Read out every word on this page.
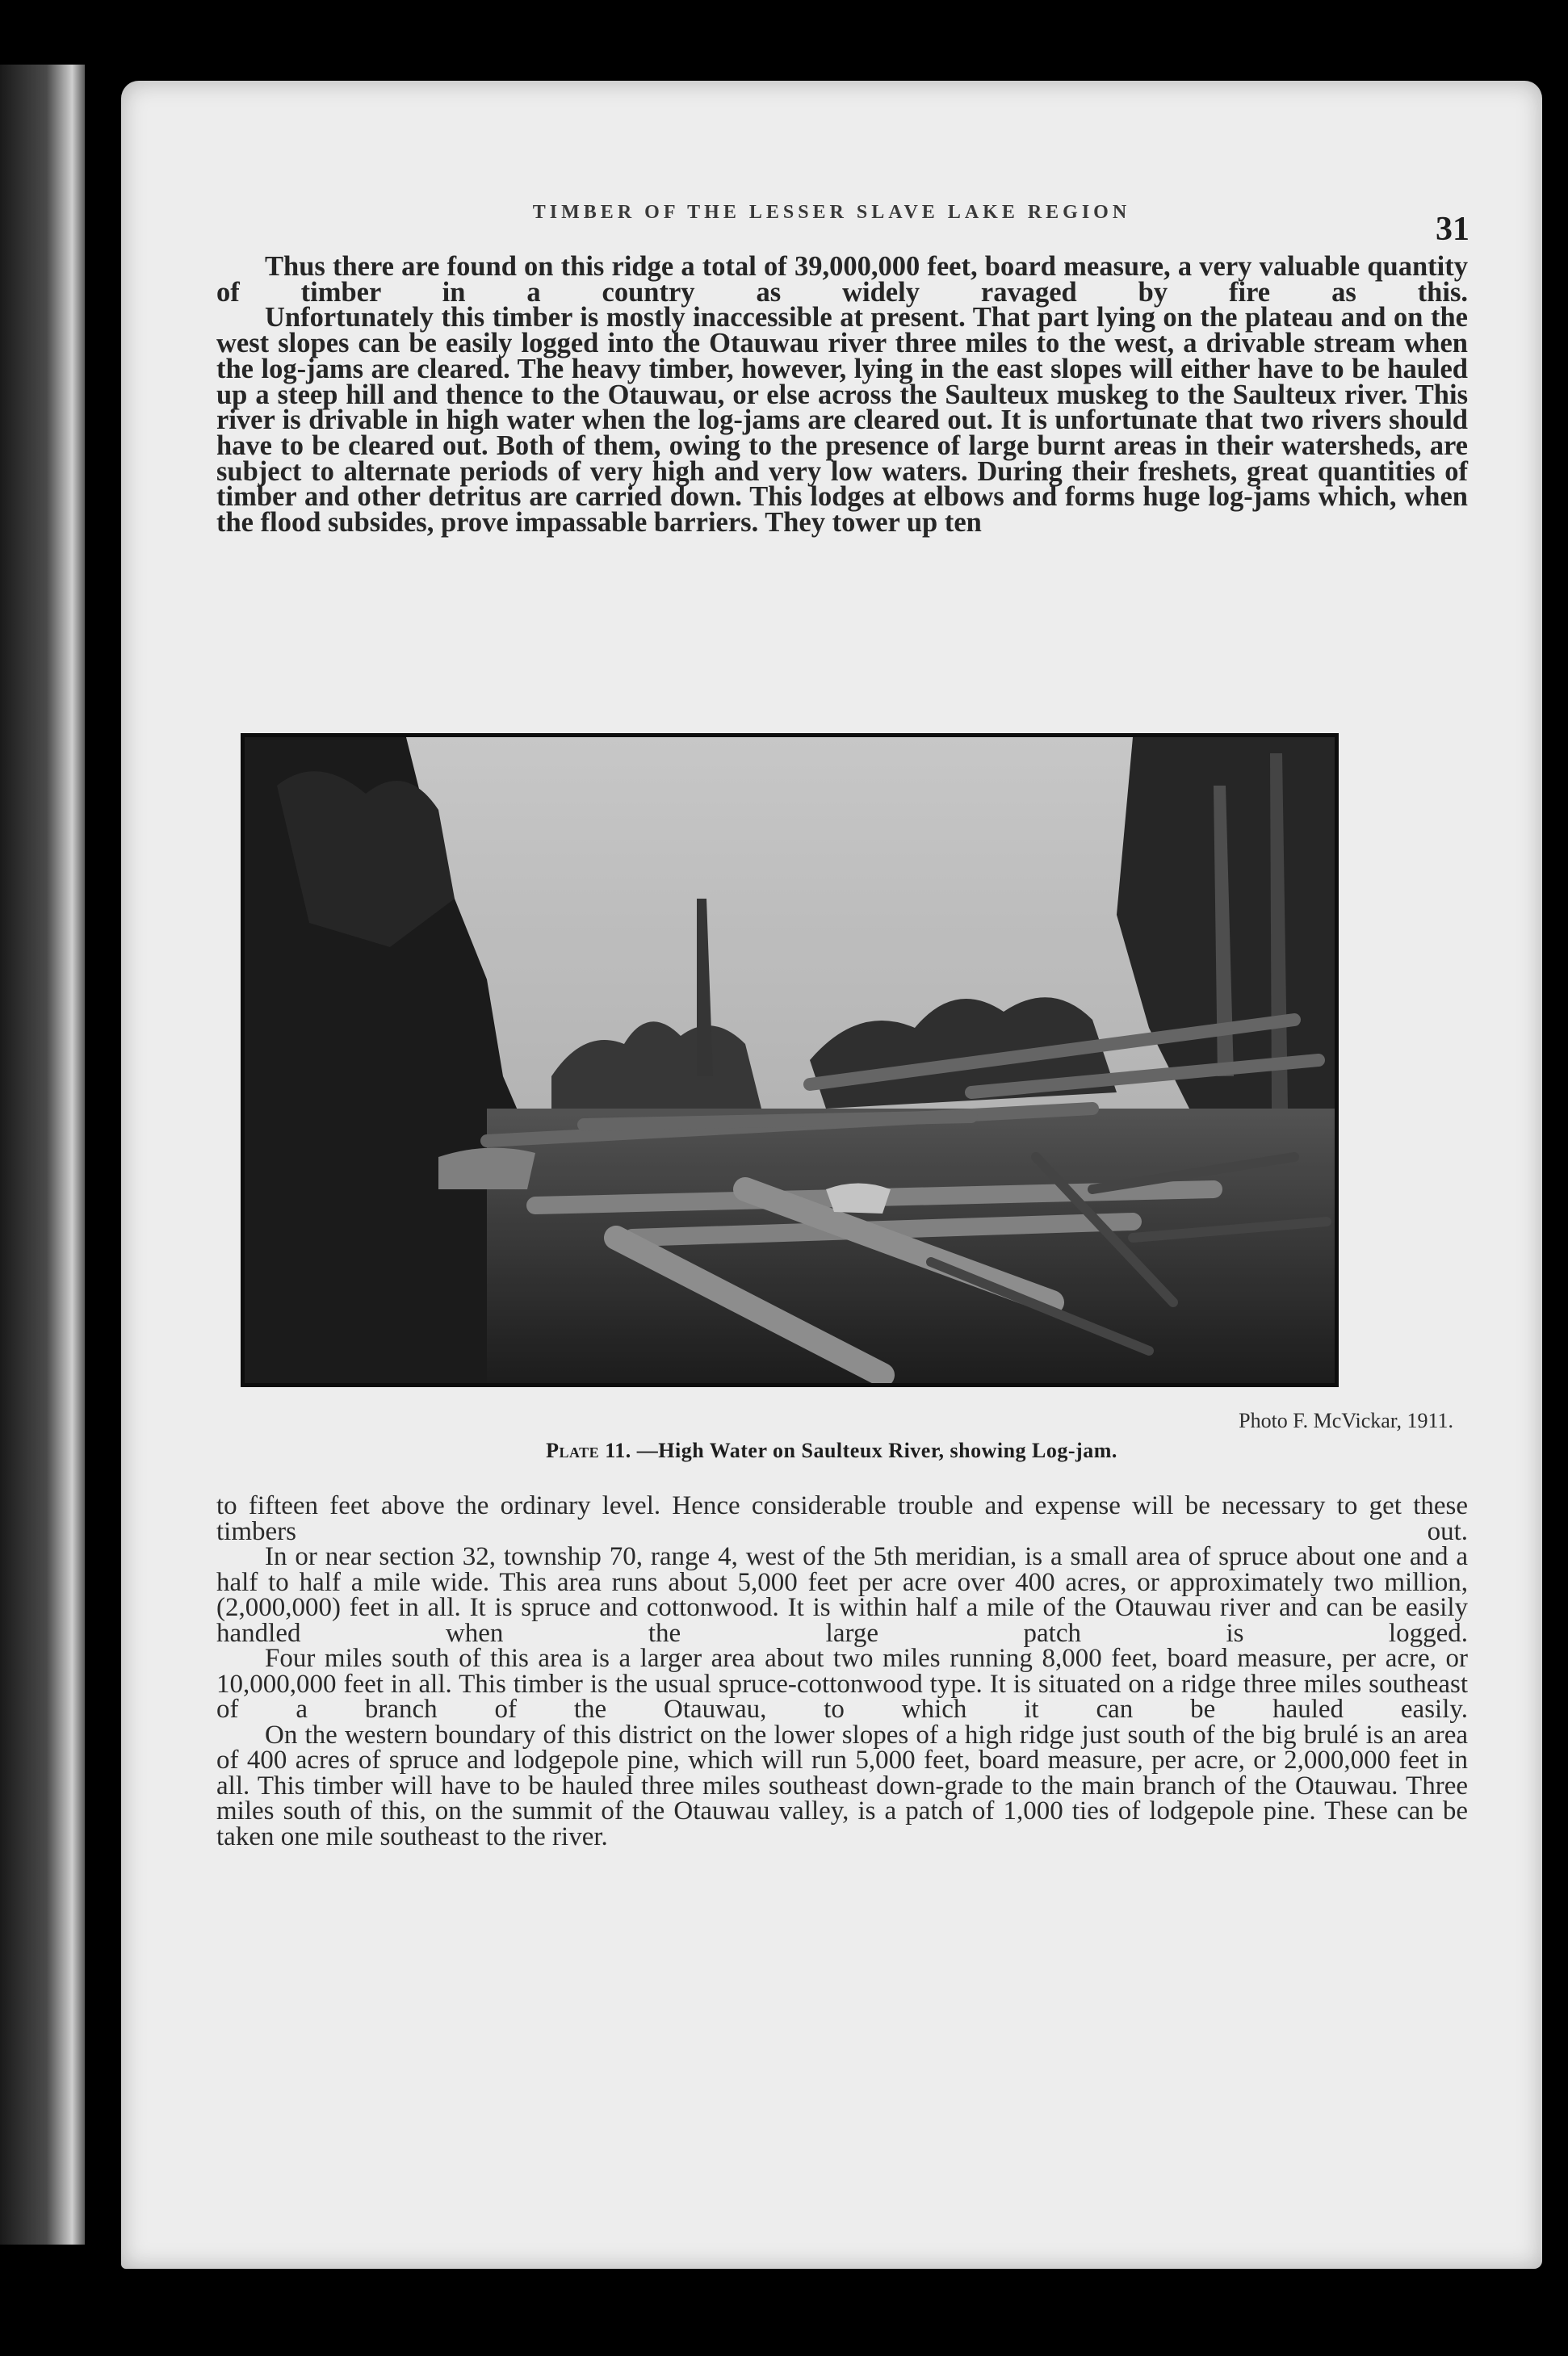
TIMBER OF THE LESSER SLAVE LAKE REGION	31

Thus there are found on this ridge a total of 39,000,000 feet, board measure, a very valuable quantity of timber in a country as widely ravaged by fire as this.

Unfortunately this timber is mostly inaccessible at present. That part lying on the plateau and on the west slopes can be easily logged into the Otauwau river three miles to the west, a drivable stream when the log-jams are cleared. The heavy timber, however, lying in the east slopes will either have to be hauled up a steep hill and thence to the Otauwau, or else across the Saulteux muskeg to the Saulteux river. This river is drivable in high water when the log-jams are cleared out. It is unfortunate that two rivers should have to be cleared out. Both of them, owing to the presence of large burnt areas in their watersheds, are subject to alternate periods of very high and very low waters. During their freshets, great quantities of timber and other detritus are carried down. This lodges at elbows and forms huge log-jams which, when the flood subsides, prove impassable barriers. They tower up ten

Photo F. McVickar, 1911.
Plate 11. —High Water on Saulteux River, showing Log-jam.

to fifteen feet above the ordinary level. Hence considerable trouble and expense will be necessary to get these timbers out.

In or near section 32, township 70, range 4, west of the 5th meridian, is a small area of spruce about one and a half to half a mile wide. This area runs about 5,000 feet per acre over 400 acres, or approximately two million, (2,000,000) feet in all. It is spruce and cottonwood. It is within half a mile of the Otauwau river and can be easily handled when the large patch is logged.

Four miles south of this area is a larger area about two miles running 8,000 feet, board measure, per acre, or 10,000,000 feet in all. This timber is the usual spruce-cottonwood type. It is situated on a ridge three miles southeast of a branch of the Otauwau, to which it can be hauled easily.

On the western boundary of this district on the lower slopes of a high ridge just south of the big brulé is an area of 400 acres of spruce and lodgepole pine, which will run 5,000 feet, board measure, per acre, or 2,000,000 feet in all. This timber will have to be hauled three miles southeast down-grade to the main branch of the Otauwau. Three miles south of this, on the summit of the Otauwau valley, is a patch of 1,000 ties of lodgepole pine. These can be taken one mile southeast to the river.
